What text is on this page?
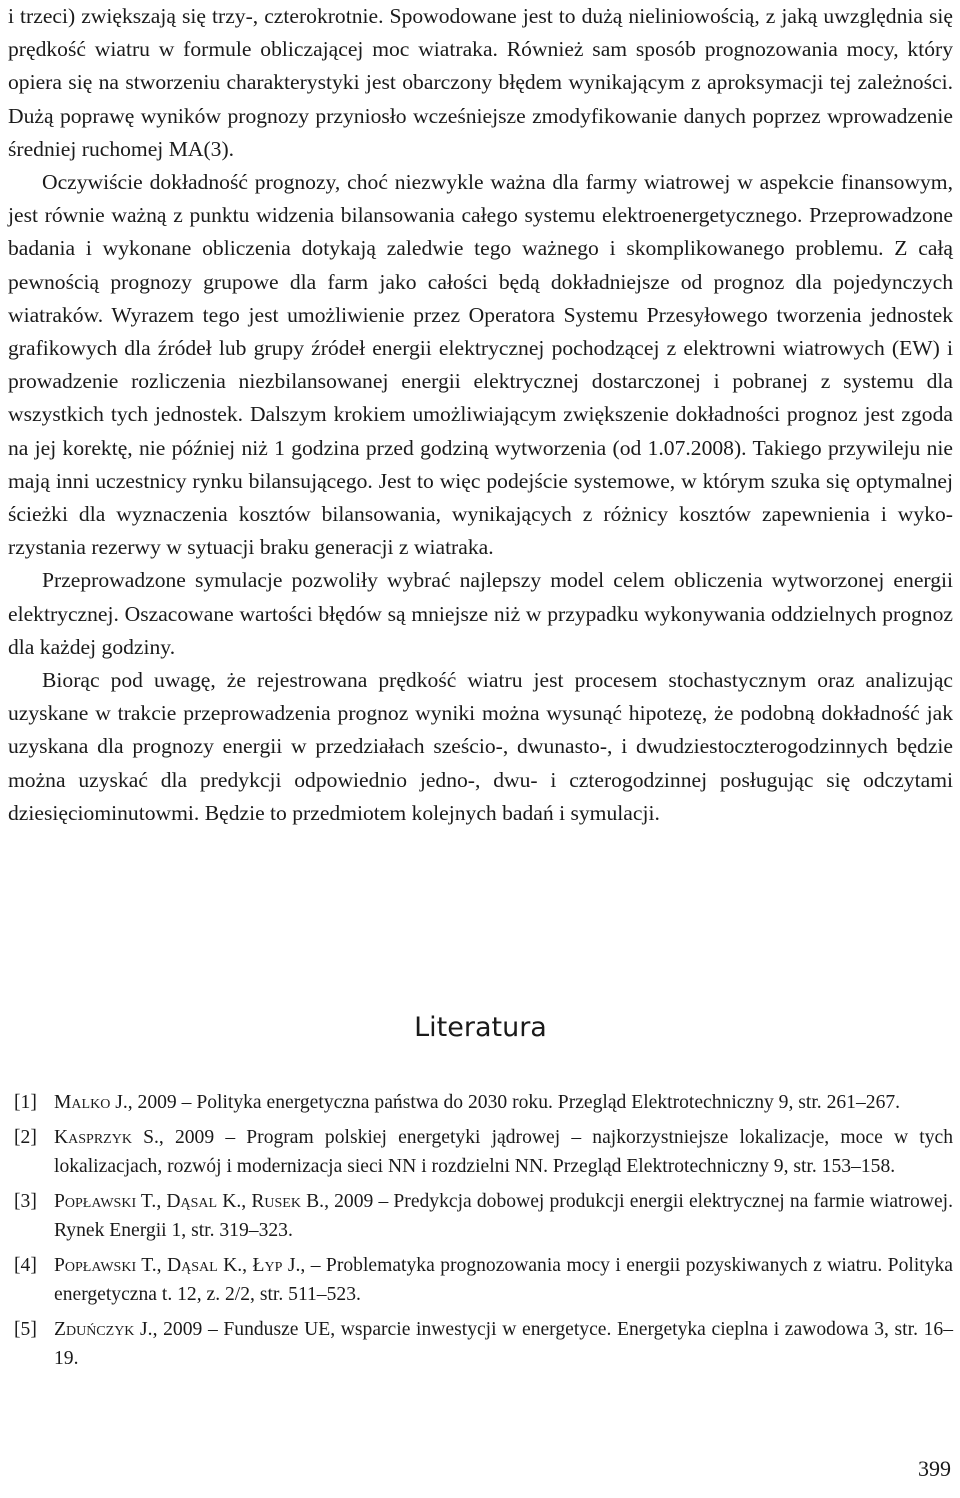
i trzeci) zwiększają się trzy-, czterokrotnie. Spowodowane jest to dużą nieliniowością, z jaką uwzględnia się prędkość wiatru w formule obliczającej moc wiatraka. Również sam sposób prognozowania mocy, który opiera się na stworzeniu charakterystyki jest obarczony błędem wynikającym z aproksymacji tej zależności. Dużą poprawę wyników prognozy przyniosło wcześniejsze zmodyfikowanie danych poprzez wprowadzenie średniej ruchomej MA(3).

Oczywiście dokładność prognozy, choć niezwykle ważna dla farmy wiatrowej w aspekcie finansowym, jest równie ważną z punktu widzenia bilansowania całego systemu elektroenergetycznego. Przeprowadzone badania i wykonane obliczenia dotykają zaledwie tego ważnego i skomplikowanego problemu. Z całą pewnością prognozy grupowe dla farm jako całości będą dokładniejsze od prognoz dla pojedynczych wiatraków. Wyrazem tego jest umożliwienie przez Operatora Systemu Przesyłowego tworzenia jednostek grafikowych dla źródeł lub grupy źródeł energii elektrycznej pochodzącej z elektrowni wiatrowych (EW) i prowadzenie rozliczenia niezbilansowanej energii elektrycznej dostarczonej i pobranej z systemu dla wszystkich tych jednostek. Dalszym krokiem umożliwiającym zwiększenie dokładności prognoz jest zgoda na jej korektę, nie później niż 1 godzina przed godziną wytworzenia (od 1.07.2008). Takiego przywileju nie mają inni uczestnicy rynku bilansującego. Jest to więc podejście systemowe, w którym szuka się optymalnej ścieżki dla wyznaczenia kosztów bilansowania, wynikających z różnicy kosztów zapewnienia i wykorzystania rezerwy w sytuacji braku generacji z wiatraka.

Przeprowadzone symulacje pozwoliły wybrać najlepszy model celem obliczenia wytworzonej energii elektrycznej. Oszacowane wartości błędów są mniejsze niż w przypadku wykonywania oddzielnych prognoz dla każdej godziny.

Biorąc pod uwagę, że rejestrowana prędkość wiatru jest procesem stochastycznym oraz analizując uzyskane w trakcie przeprowadzenia prognoz wyniki można wysunąć hipotezę, że podobną dokładność jak uzyskana dla prognozy energii w przedziałach sześcio-, dwunasto-, i dwudziestoczterogodzinnych będzie można uzyskać dla predykcji odpowiednio jedno-, dwu- i czterogodzinnej posługując się odczytami dziesięciominutowmi. Będzie to przedmiotem kolejnych badań i symulacji.

Literatura
[1] Malko J., 2009 – Polityka energetyczna państwa do 2030 roku. Przegląd Elektrotechniczny 9, str. 261–267.
[2] Kasprzyk S., 2009 – Program polskiej energetyki jądrowej – najkorzystniejsze lokalizacje, moce w tych lokalizacjach, rozwój i modernizacja sieci NN i rozdzielni NN. Przegląd Elektrotechniczny 9, str. 153–158.
[3] Popławski T., Dąsal K., Rusek B., 2009 – Predykcja dobowej produkcji energii elektrycznej na farmie wiatrowej. Rynek Energii 1, str. 319–323.
[4] Popławski T., Dąsal K., Łyp J., – Problematyka prognozowania mocy i energii pozyskiwanych z wiatru. Polityka energetyczna t. 12, z. 2/2, str. 511–523.
[5] Zduńczyk J., 2009 – Fundusze UE, wsparcie inwestycji w energetyce. Energetyka cieplna i zawodowa 3, str. 16–19.
399
